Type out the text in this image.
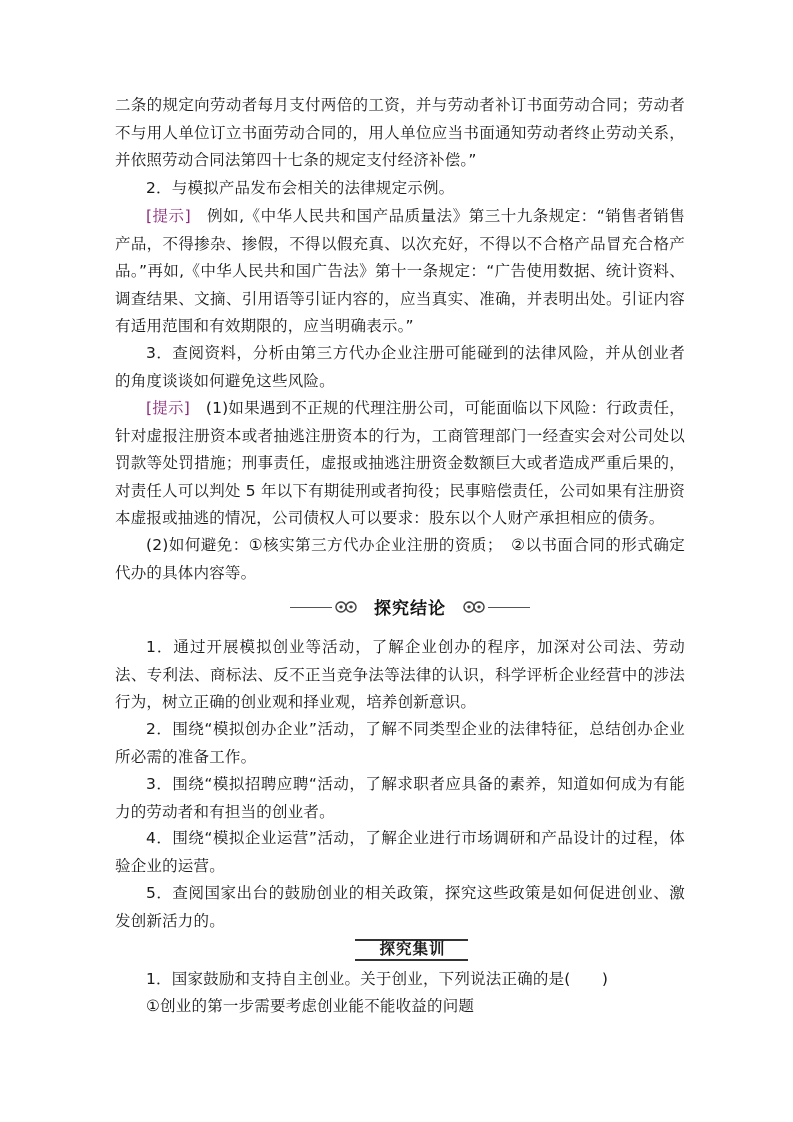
二条的规定向劳动者每月支付两倍的工资，并与劳动者补订书面劳动合同；劳动者不与用人单位订立书面劳动合同的，用人单位应当书面通知劳动者终止劳动关系，并依照劳动合同法第四十七条的规定支付经济补偿。”

2．与模拟产品发布会相关的法律规定示例。

[提示]　 例如,《中华人民共和国产品质量法》第三十九条规定：“销售者销售产品，不得掺杂、掺假，不得以假充真、以次充好，不得以不合格产品冒充合格产品。”再如,《中华人民共和国广告法》第十一条规定：“广告使用数据、统计资料、调查结果、文摘、引用语等引证内容的，应当真实、准确，并表明出处。引证内容有适用范围和有效期限的，应当明确表示。”

3．查阅资料，分析由第三方代办企业注册可能碰到的法律风险，并从创业者的角度谈谈如何避免这些风险。

[提示]　 (1)如果遇到不正规的代理注册公司，可能面临以下风险：行政责任，针对虚报注册资本或者抽逃注册资本的行为，工商管理部门一经查实会对公司处以罚款等处罚措施；刑事责任，虚报或抽逃注册资金数额巨大或者造成严重后果的，对责任人可以判处 5 年以下有期徒刑或者拘役；民事赔偿责任，公司如果有注册资本虚报或抽逃的情况，公司债权人可以要求：股东以个人财产承担相应的债务。

(2)如何避免：①核实第三方代办企业注册的资质；　②以书面合同的形式确定代办的具体内容等。

探究结论

1．通过开展模拟创业等活动，了解企业创办的程序，加深对公司法、劳动法、专利法、商标法、反不正当竞争法等法律的认识，科学评析企业经营中的涉法行为，树立正确的创业观和择业观，培养创新意识。

2．围绕“模拟创办企业”活动，了解不同类型企业的法律特征，总结创办企业所必需的准备工作。

3．围绕“模拟招聘应聘“活动，了解求职者应具备的素养，知道如何成为有能力的劳动者和有担当的创业者。

4．围绕“模拟企业运营”活动，了解企业进行市场调研和产品设计的过程，体验企业的运营。

5．查阅国家出台的鼓励创业的相关政策，探究这些政策是如何促进创业、激发创新活力的。

探究集训

1．国家鼓励和支持自主创业。关于创业，下列说法正确的是(　　)

①创业的第一步需要考虑创业能不能收益的问题
